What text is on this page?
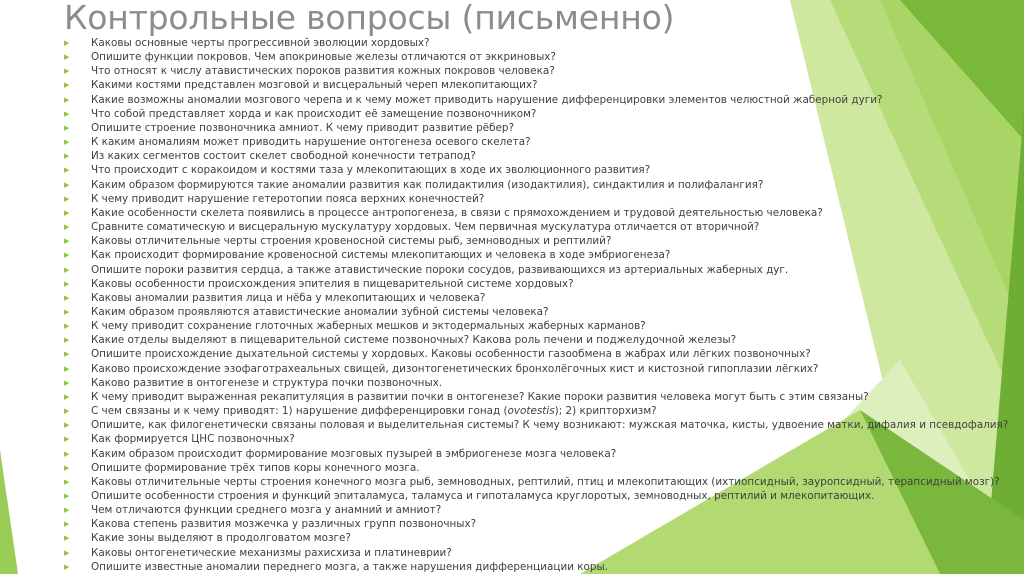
Контрольные вопросы (письменно)
▶ Каковы основные черты прогрессивной эволюции хордовых?
▶ Опишите функции покровов. Чем апокриновые железы отличаются от эккриновых?
▶ Что относят к числу атавистических пороков развития кожных покровов человека?
▶ Какими костями представлен мозговой и висцеральный череп млекопитающих?
▶ Какие возможны аномалии мозгового черепа и к чему может приводить нарушение дифференцировки элементов челюстной жаберной дуги?
▶ Что собой представляет хорда и как происходит её замещение позвоночником?
▶ Опишите строение позвоночника амниот. К чему приводит развитие рёбер?
▶ К каким аномалиям может приводить нарушение онтогенеза осевого скелета?
▶ Из каких сегментов состоит скелет свободной конечности тетрапод?
▶ Что происходит с коракоидом и костями таза у млекопитающих в ходе их эволюционного развития?
▶ Каким образом формируются такие аномалии развития как полидактилия (изодактилия), синдактилия и полифалангия?
▶ К чему приводит нарушение гетеротопии пояса верхних конечностей?
▶ Какие особенности скелета появились в процессе антропогенеза, в связи с прямохождением и трудовой деятельностью человека?
▶ Сравните соматическую и висцеральную мускулатуру хордовых. Чем первичная мускулатура отличается от вторичной?
▶ Каковы отличительные черты строения кровеносной системы рыб, земноводных и рептилий?
▶ Как происходит формирование кровеносной системы млекопитающих и человека в ходе эмбриогенеза?
▶ Опишите пороки развития сердца, а также атавистические пороки сосудов, развивающихся из артериальных жаберных дуг.
▶ Каковы особенности происхождения эпителия в пищеварительной системе хордовых?
▶ Каковы аномалии развития лица и нёба у млекопитающих и человека?
▶ Каким образом проявляются атавистические аномалии зубной системы человека?
▶ К чему приводит сохранение глоточных жаберных мешков и эктодермальных жаберных карманов?
▶ Какие отделы выделяют в пищеварительной системе позвоночных? Какова роль печени и поджелудочной железы?
▶ Опишите происхождение дыхательной системы у хордовых. Каковы особенности газообмена в жабрах или лёгких позвоночных?
▶ Каково происхождение эзофаготрахеальных свищей, дизонтогенетических бронхолёгочных кист и кистозной гипоплазии лёгких?
▶ Каково развитие в онтогенезе и структура почки позвоночных.
▶ К чему приводит выраженная рекапитуляция в развитии почки в онтогенезе? Какие пороки развития человека могут быть с этим связаны?
▶ С чем связаны и к чему приводят: 1) нарушение дифференцировки гонад (ovotestis); 2) крипторхизм?
▶ Опишите, как филогенетически связаны половая и выделительная системы? К чему возникают: мужская маточка, кисты, удвоение матки, дифалия и псевдофалия?
▶ Как формируется ЦНС позвоночных?
▶ Каким образом происходит формирование мозговых пузырей в эмбриогенезе мозга человека?
▶ Опишите формирование трёх типов коры конечного мозга.
▶ Каковы отличительные черты строения конечного мозга рыб, земноводных, рептилий, птиц и млекопитающих (ихтиопсидный, зауропсидный, терапсидный мозг)?
▶ Опишите особенности строения и функций эпиталамуса, таламуса и гипоталамуса круглоротых, земноводных, рептилий и млекопитающих.
▶ Чем отличаются функции среднего мозга у анамний и амниот?
▶ Какова степень развития мозжечка у различных групп позвоночных?
▶ Какие зоны выделяют в продолговатом мозге?
▶ Каковы онтогенетические механизмы рахисхиза и платиневрии?
▶ Опишите известные аномалии переднего мозга, а также нарушения дифференциации коры.
